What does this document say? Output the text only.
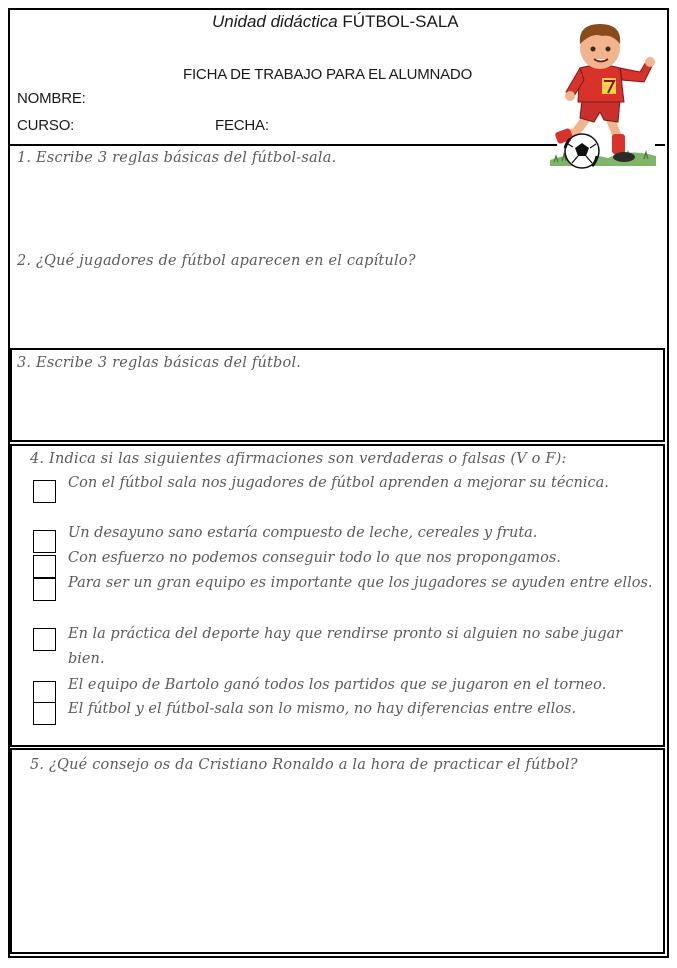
Unidad didáctica FÚTBOL-SALA
FICHA DE TRABAJO PARA EL ALUMNADO
NOMBRE:
CURSO:	FECHA:
1. Escribe 3 reglas básicas del fútbol-sala.
2. ¿Qué jugadores de fútbol aparecen en el capítulo?
3. Escribe 3 reglas básicas del fútbol.
4. Indica si las siguientes afirmaciones son verdaderas o falsas (V o F):
Con el fútbol sala nos jugadores de fútbol aprenden a mejorar su técnica.
Un desayuno sano estaría compuesto de leche, cereales y fruta.
Con esfuerzo no podemos conseguir todo lo que nos propongamos.
Para ser un gran equipo es importante que los jugadores se ayuden entre ellos.
En la práctica del deporte hay que rendirse pronto si alguien no sabe jugar bien.
El equipo de Bartolo ganó todos los partidos que se jugaron en el torneo.
El fútbol y el fútbol-sala son lo mismo, no hay diferencias entre ellos.
5. ¿Qué consejo os da Cristiano Ronaldo a la hora de practicar el fútbol?
